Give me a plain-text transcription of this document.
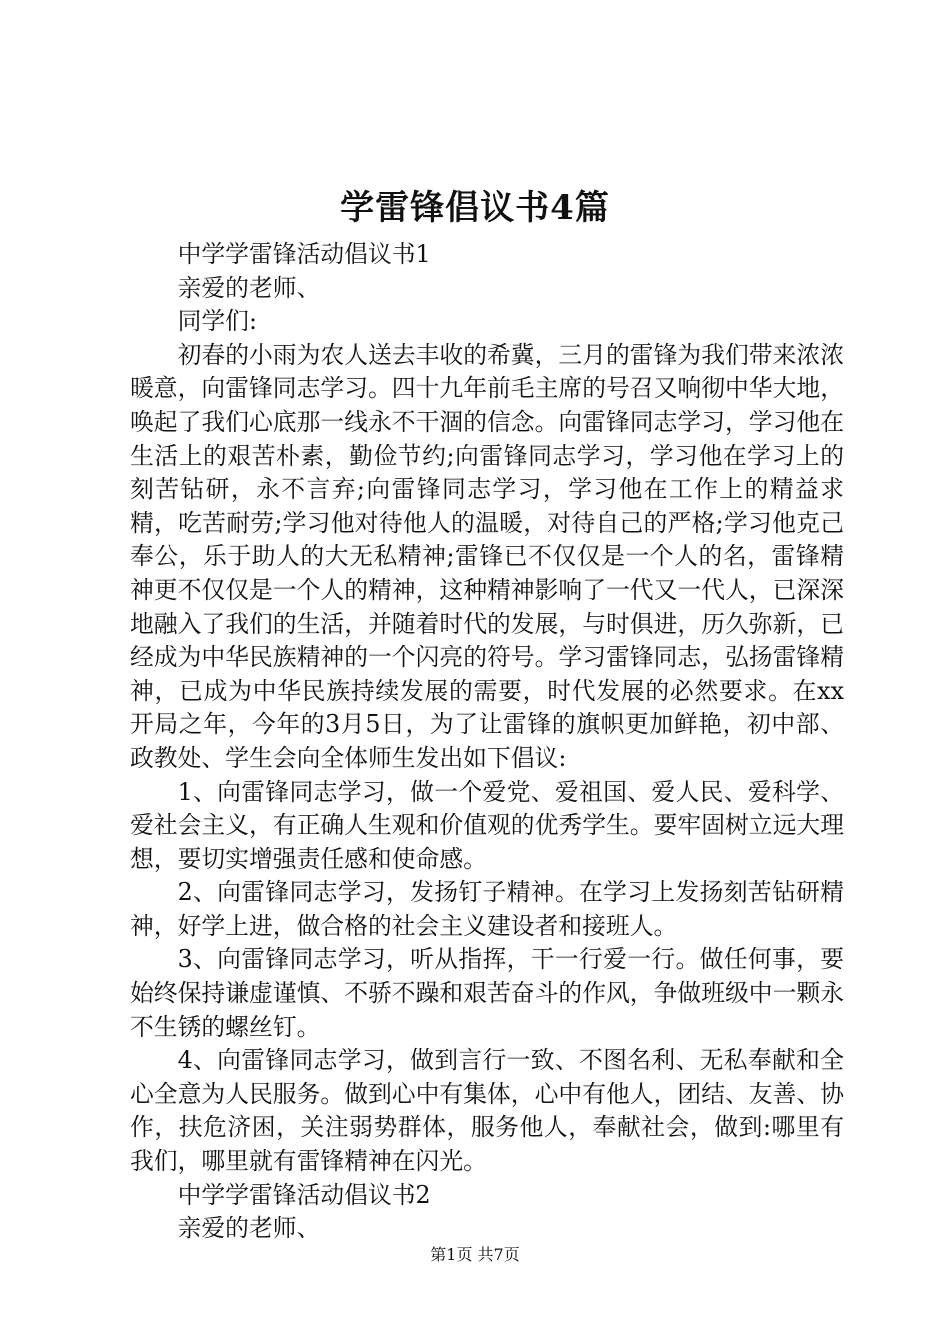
学雷锋倡议书4篇

中学学雷锋活动倡议书1

亲爱的老师、

同学们:

初春的小雨为农人送去丰收的希冀，三月的雷锋为我们带来浓浓暖意，向雷锋同志学习。四十九年前毛主席的号召又响彻中华大地，唤起了我们心底那一线永不干涸的信念。向雷锋同志学习，学习他在生活上的艰苦朴素，勤俭节约;向雷锋同志学习，学习他在学习上的刻苦钻研，永不言弃;向雷锋同志学习，学习他在工作上的精益求精，吃苦耐劳;学习他对待他人的温暖，对待自己的严格;学习他克己奉公，乐于助人的大无私精神;雷锋已不仅仅是一个人的名，雷锋精神更不仅仅是一个人的精神，这种精神影响了一代又一代人，已深深地融入了我们的生活，并随着时代的发展，与时俱进，历久弥新，已经成为中华民族精神的一个闪亮的符号。学习雷锋同志，弘扬雷锋精神，已成为中华民族持续发展的需要，时代发展的必然要求。在xx开局之年，今年的3月5日，为了让雷锋的旗帜更加鲜艳，初中部、政教处、学生会向全体师生发出如下倡议:

1、向雷锋同志学习，做一个爱党、爱祖国、爱人民、爱科学、爱社会主义，有正确人生观和价值观的优秀学生。要牢固树立远大理想，要切实增强责任感和使命感。

2、向雷锋同志学习，发扬钉子精神。在学习上发扬刻苦钻研精神，好学上进，做合格的社会主义建设者和接班人。

3、向雷锋同志学习，听从指挥，干一行爱一行。做任何事，要始终保持谦虚谨慎、不骄不躁和艰苦奋斗的作风，争做班级中一颗永不生锈的螺丝钉。

4、向雷锋同志学习，做到言行一致、不图名利、无私奉献和全心全意为人民服务。做到心中有集体，心中有他人，团结、友善、协作，扶危济困，关注弱势群体，服务他人，奉献社会，做到:哪里有我们，哪里就有雷锋精神在闪光。

中学学雷锋活动倡议书2

亲爱的老师、

第1页 共7页
